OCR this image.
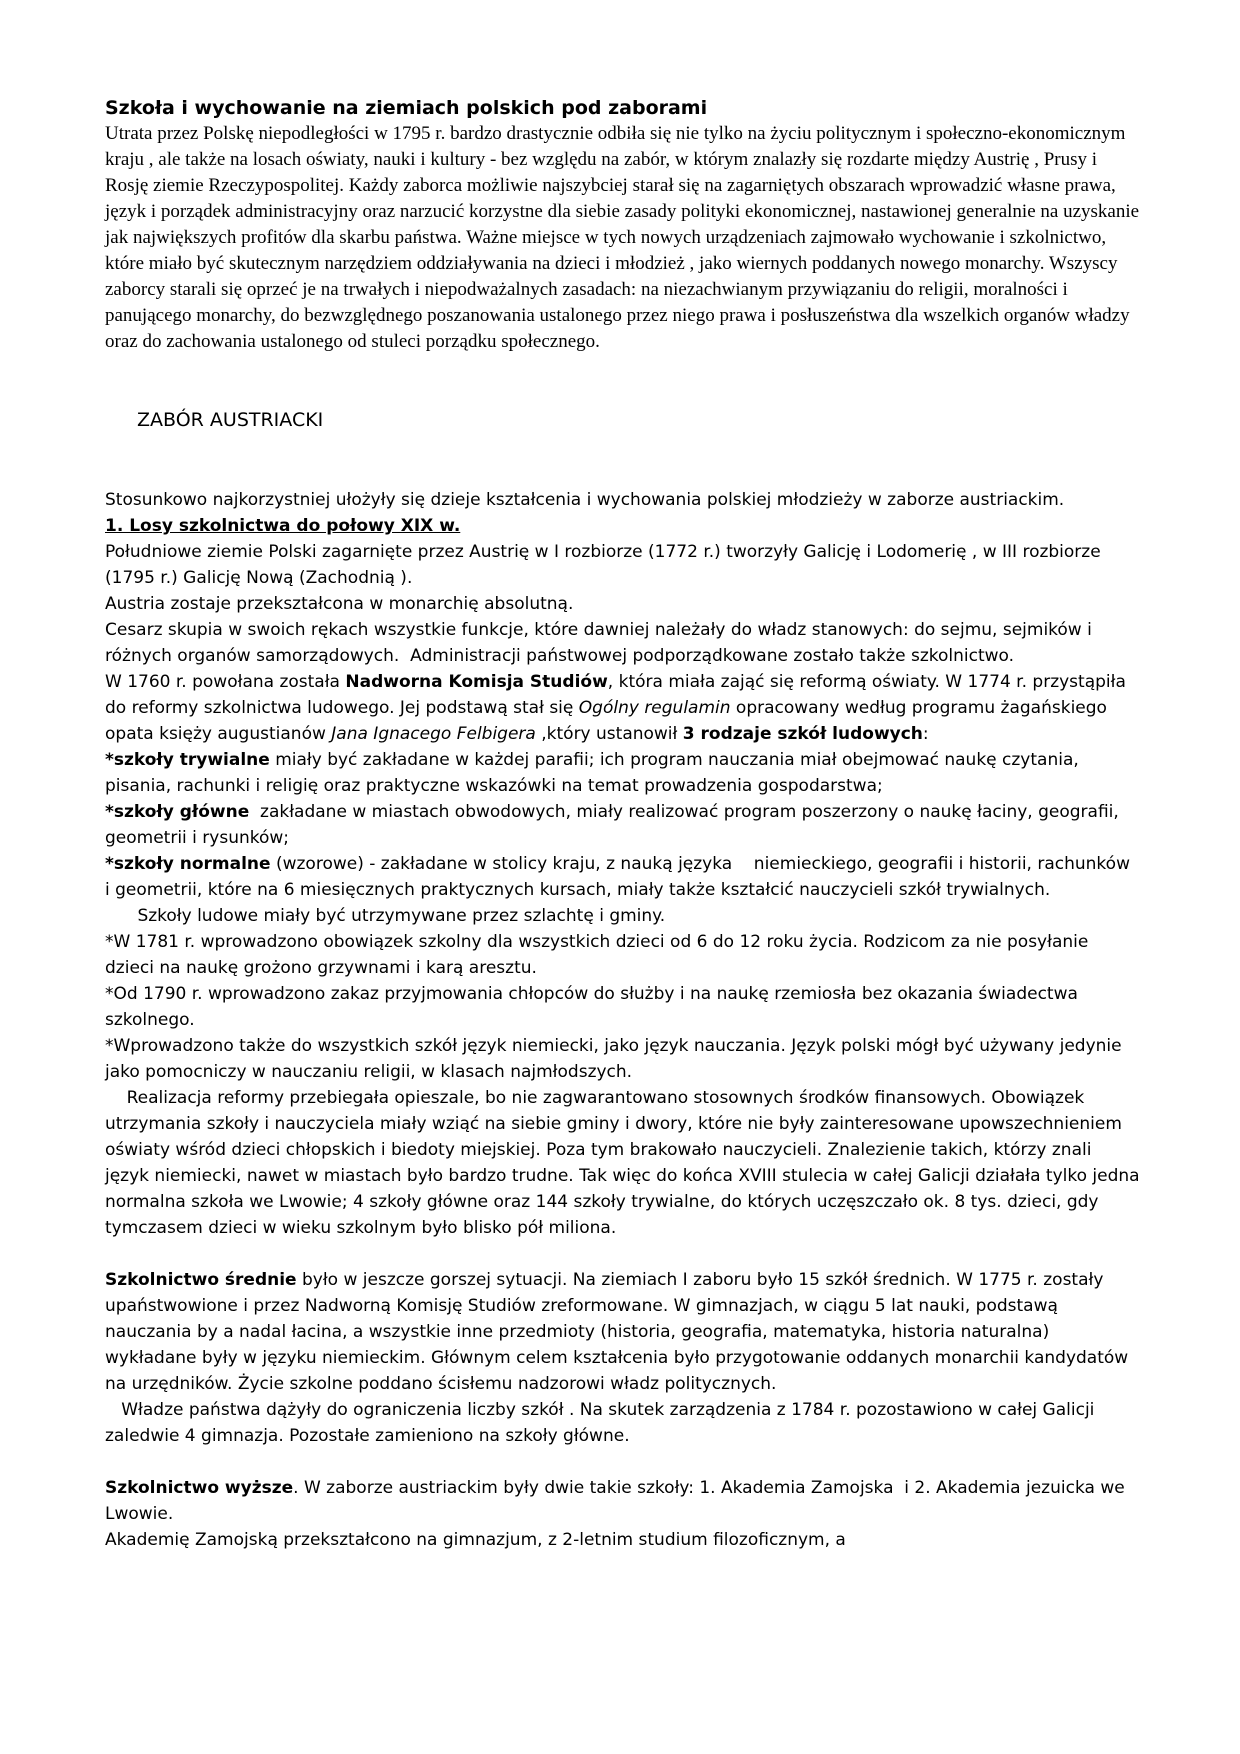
Szkoła i wychowanie na ziemiach polskich pod zaborami
Utrata przez Polskę niepodległości w 1795 r. bardzo drastycznie odbiła się nie tylko na życiu politycznym i społeczno-ekonomicznym kraju , ale także na losach oświaty, nauki i kultury - bez względu na zabór, w którym znalazły się rozdarte między Austrię , Prusy i Rosję ziemie Rzeczypospolitej. Każdy zaborca możliwie najszybciej starał się na zagarniętych obszarach wprowadzić własne prawa, język i porządek administracyjny oraz narzucić korzystne dla siebie zasady polityki ekonomicznej, nastawionej generalnie na uzyskanie jak największych profitów dla skarbu państwa. Ważne miejsce w tych nowych urządzeniach zajmowało wychowanie i szkolnictwo, które miało być skutecznym narzędziem oddziaływania na dzieci i młodzież , jako wiernych poddanych nowego monarchy. Wszyscy zaborcy starali się oprzeć je na trwałych i niepodważalnych zasadach: na niezachwianym przywiązaniu do religii, moralności i panującego monarchy, do bezwzględnego poszanowania ustalonego przez niego prawa i posłuszeństwa dla wszelkich organów władzy oraz do zachowania ustalonego od stuleci porządku społecznego.
ZABÓR AUSTRIACKI
Stosunkowo najkorzystniej ułożyły się dzieje kształcenia i wychowania polskiej młodzieży w zaborze austriackim.
1. Losy szkolnictwa do połowy XIX w.
Południowe ziemie Polski zagarnięte przez Austrię w I rozbiorze (1772 r.) tworzyły Galicję i Lodomerię , w III rozbiorze (1795 r.) Galicję Nową (Zachodnią ).
Austria zostaje przekształcona w monarchię absolutną.
Cesarz skupia w swoich rękach wszystkie funkcje, które dawniej należały do władz stanowych: do sejmu, sejmików i różnych organów samorządowych.  Administracji państwowej podporządkowane zostało także szkolnictwo.
W 1760 r. powołana została Nadworna Komisja Studiów, która miała zająć się reformą oświaty. W 1774 r. przystąpiła do reformy szkolnictwa ludowego. Jej podstawą stał się Ogólny regulamin opracowany według programu żagańskiego opata księży augustianów Jana Ignacego Felbigera ,który ustanowił 3 rodzaje szkół ludowych:
*szkoły trywialne miały być zakładane w każdej parafii; ich program nauczania miał obejmować naukę czytania, pisania, rachunki i religię oraz praktyczne wskazówki na temat prowadzenia gospodarstwa;
*szkoły główne  zakładane w miastach obwodowych, miały realizować program poszerzony o naukę łaciny, geografii, geometrii i rysunków;
*szkoły normalne (wzorowe) - zakładane w stolicy kraju, z nauką języka    niemieckiego, geografii i historii, rachunków i geometrii, które na 6 miesięcznych praktycznych kursach, miały także kształcić nauczycieli szkół trywialnych.
Szkoły ludowe miały być utrzymywane przez szlachtę i gminy.
*W 1781 r. wprowadzono obowiązek szkolny dla wszystkich dzieci od 6 do 12 roku życia. Rodzicom za nie posyłanie dzieci na naukę grożono grzywnami i karą aresztu.
*Od 1790 r. wprowadzono zakaz przyjmowania chłopców do służby i na naukę rzemiosła bez okazania świadectwa szkolnego.
*Wprowadzono także do wszystkich szkół język niemiecki, jako język nauczania. Język polski mógł być używany jedynie jako pomocniczy w nauczaniu religii, w klasach najmłodszych.
Realizacja reformy przebiegała opieszale, bo nie zagwarantowano stosownych środków finansowych. Obowiązek utrzymania szkoły i nauczyciela miały wziąć na siebie gminy i dwory, które nie były zainteresowane upowszechnieniem oświaty wśród dzieci chłopskich i biedoty miejskiej. Poza tym brakowało nauczycieli. Znalezienie takich, którzy znali język niemiecki, nawet w miastach było bardzo trudne. Tak więc do końca XVIII stulecia w całej Galicji działała tylko jedna normalna szkoła we Lwowie; 4 szkoły główne oraz 144 szkoły trywialne, do których uczęszczało ok. 8 tys. dzieci, gdy tymczasem dzieci w wieku szkolnym było blisko pół miliona.
Szkolnictwo średnie było w jeszcze gorszej sytuacji. Na ziemiach I zaboru było 15 szkół średnich. W 1775 r. zostały upaństwowione i przez Nadworną Komisję Studiów zreformowane. W gimnazjach, w ciągu 5 lat nauki, podstawą nauczania by a nadal łacina, a wszystkie inne przedmioty (historia, geografia, matematyka, historia naturalna) wykładane były w języku niemieckim. Głównym celem kształcenia było przygotowanie oddanych monarchii kandydatów na urzędników. Życie szkolne poddano ścisłemu nadzorowi władz politycznych.
Władze państwa dążyły do ograniczenia liczby szkół . Na skutek zarządzenia z 1784 r. pozostawiono w całej Galicji zaledwie 4 gimnazja. Pozostałe zamieniono na szkoły główne.
Szkolnictwo wyższe. W zaborze austriackim były dwie takie szkoły: 1. Akademia Zamojska  i 2. Akademia jezuicka we Lwowie.
Akademię Zamojską przekształcono na gimnazjum, z 2-letnim studium filozoficznym, a
